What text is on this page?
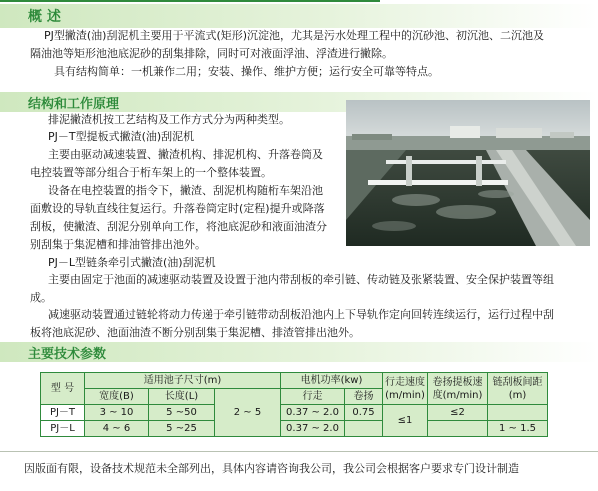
概 述
PJ型撇渣(油)刮泥机主要用于平流式(矩形)沉淀池，尤其是污水处理工程中的沉砂池、初沉池、二沉池及
隔油池等矩形池池底泥砂的刮集排除，同时可对液面浮油、浮渣进行撇除。
具有结构简单：一机兼作二用；安装、操作、维护方便；运行安全可靠等特点。
结构和工作原理
排泥撇渣机按工艺结构及工作方式分为两种类型。
PJ－T型提板式撇渣(油)刮泥机
主要由驱动减速装置、撇渣机构、排泥机构、升落卷筒及
电控装置等部分组合于桁车架上的一个整体装置。
设备在电控装置的指令下，撇渣、刮泥机构随桁车架沿池
面敷设的导轨直线往复运行。升落卷筒定时(定程)提升或降落
刮板，使撇渣、刮泥分别单向工作，将池底泥砂和液面油渣分
别刮集于集泥槽和排油管排出池外。
PJ－L型链条牵引式撇渣(油)刮泥机
主要由固定于池面的减速驱动装置及设置于池内带刮板的牵引链、传动链及张紧装置、安全保护装置等组
成。
减速驱动装置通过链轮将动力传递于牵引链带动刮板沿池内上下导轨作定向回转连续运行，运行过程中刮
板将池底泥砂、池面油渣不断分别刮集于集泥槽、排渣管排出池外。
主要技术参数
型 号	适用池子尺寸(m)			电机功率(kw)		行走速度(m/min)	卷扬提板速度(m/min)	链刮板间距(m)
	宽度(B)	长度(L)	2 ~ 5	行走	卷扬			
PJ－T	3 ~ 10	5 ~50		0.37 ~ 2.0	0.75	≤1	≤2	
PJ－L	4 ~ 6	5 ~25		0.37 ~ 2.0				1 ~ 1.5
因版面有限，设备技术规范未全部列出，具体内容请咨询我公司，我公司会根据客户要求专门设计制造
